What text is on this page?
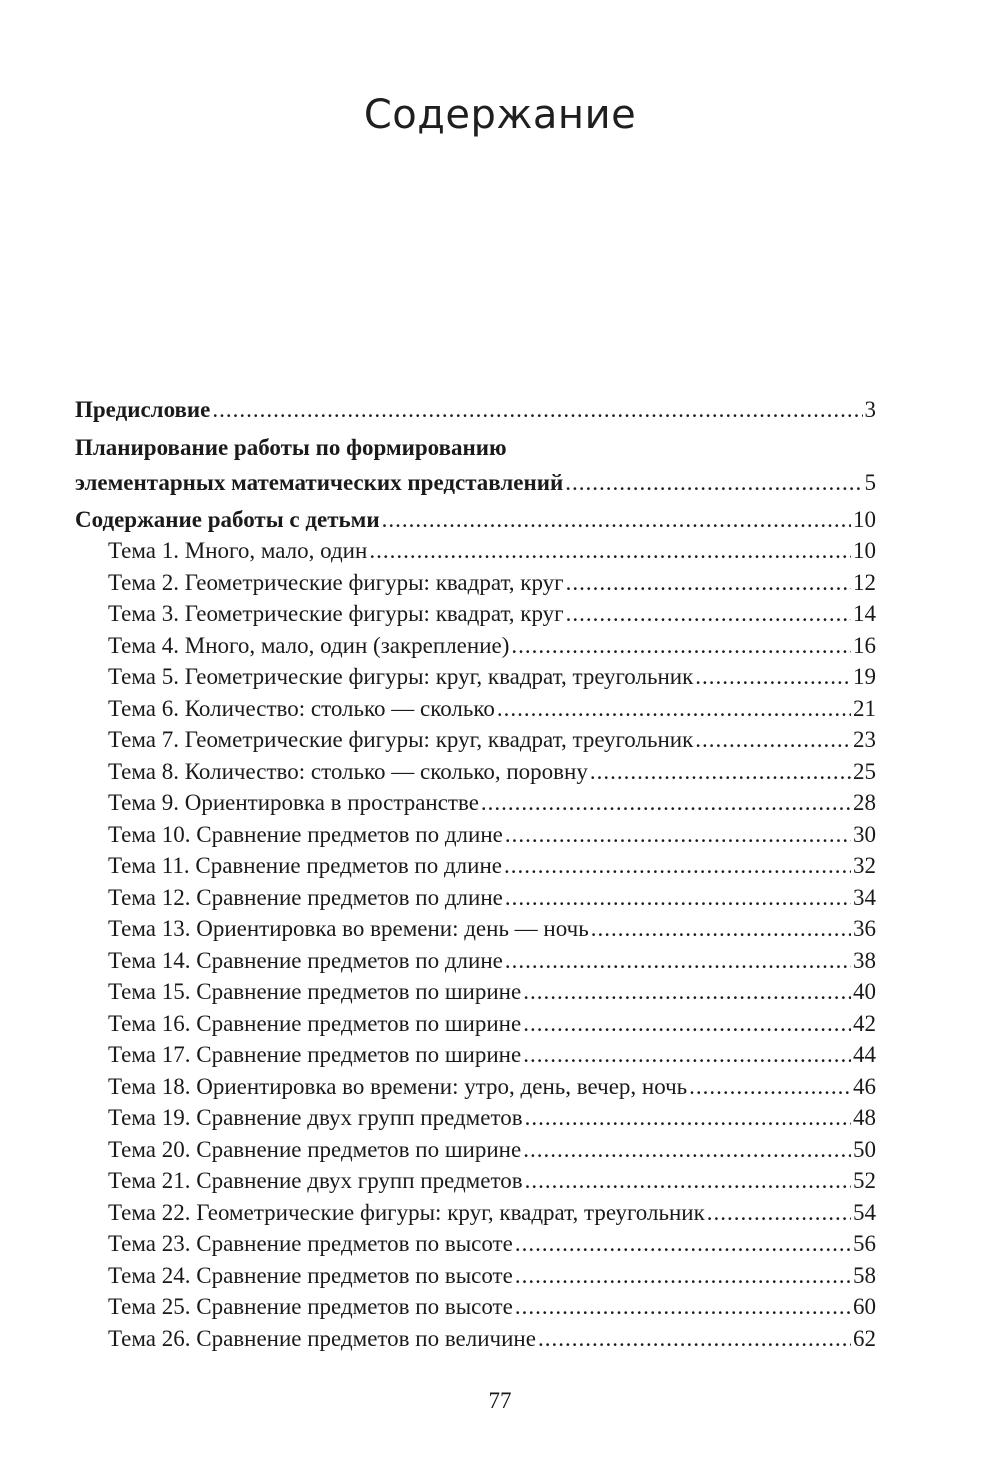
Содержание
Предисловие .....	3
Планирование работы по формированию
элементарных математических представлений .....	5
Содержание работы с детьми .....	10
Тема 1. Много, мало, один .....	10
Тема 2. Геометрические фигуры: квадрат, круг .....	12
Тема 3. Геометрические фигуры: квадрат, круг .....	14
Тема 4. Много, мало, один (закрепление) .....	16
Тема 5. Геометрические фигуры: круг, квадрат, треугольник .....	19
Тема 6. Количество: столько — сколько .....	21
Тема 7. Геометрические фигуры: круг, квадрат, треугольник .....	23
Тема 8. Количество: столько — сколько, поровну .....	25
Тема 9. Ориентировка в пространстве .....	28
Тема 10. Сравнение предметов по длине .....	30
Тема 11. Сравнение предметов по длине .....	32
Тема 12. Сравнение предметов по длине .....	34
Тема 13. Ориентировка во времени: день — ночь .....	36
Тема 14. Сравнение предметов по длине .....	38
Тема 15. Сравнение предметов по ширине .....	40
Тема 16. Сравнение предметов по ширине .....	42
Тема 17. Сравнение предметов по ширине .....	44
Тема 18. Ориентировка во времени: утро, день, вечер, ночь .....	46
Тема 19. Сравнение двух групп предметов .....	48
Тема 20. Сравнение предметов по ширине .....	50
Тема 21. Сравнение двух групп предметов .....	52
Тема 22. Геометрические фигуры: круг, квадрат, треугольник .....	54
Тема 23. Сравнение предметов по высоте .....	56
Тема 24. Сравнение предметов по высоте .....	58
Тема 25. Сравнение предметов по высоте .....	60
Тема 26. Сравнение предметов по величине .....	62
77
